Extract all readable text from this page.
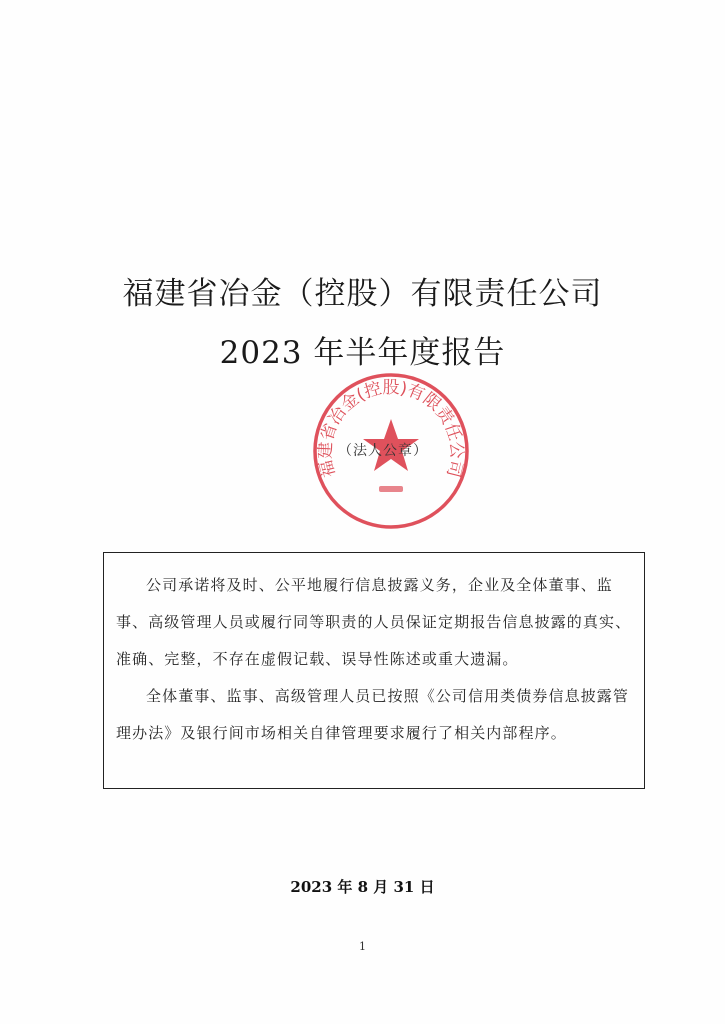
福建省冶金（控股）有限责任公司
2023 年半年度报告
福建省冶金(控股)有限责任公司
（法人公章）

公司承诺将及时、公平地履行信息披露义务，企业及全体董事、监事、高级管理人员或履行同等职责的人员保证定期报告信息披露的真实、准确、完整，不存在虚假记载、误导性陈述或重大遗漏。

全体董事、监事、高级管理人员已按照《公司信用类债券信息披露管理办法》及银行间市场相关自律管理要求履行了相关内部程序。

2023 年 8 月 31 日
1
